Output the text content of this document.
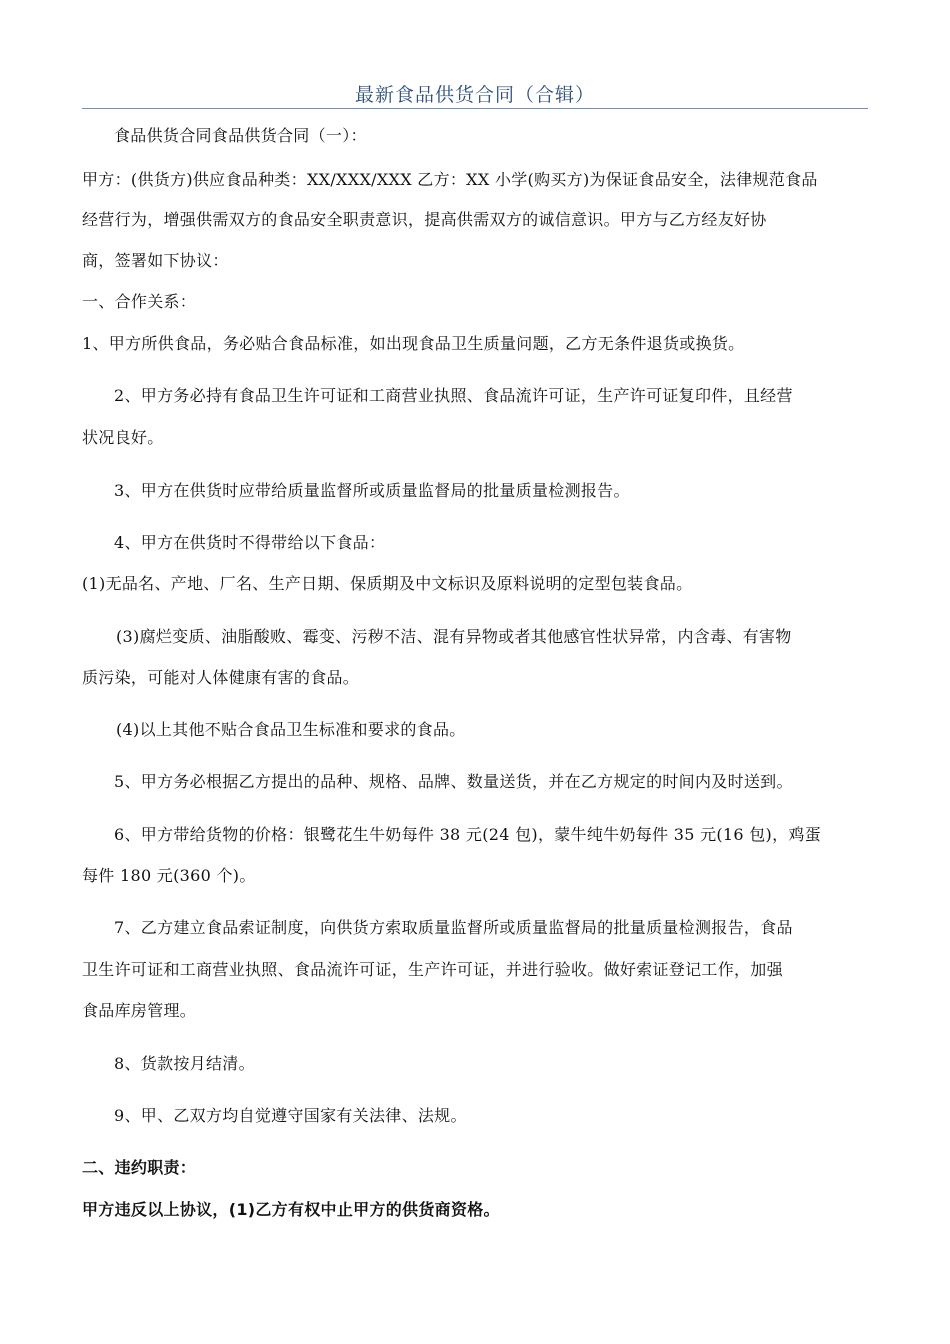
最新食品供货合同（合辑）
食品供货合同食品供货合同（一）：
甲方：(供货方)供应食品种类：XX/XXX/XXX 乙方：XX 小学(购买方)为保证食品安全，法律规范食品
经营行为，增强供需双方的食品安全职责意识，提高供需双方的诚信意识。甲方与乙方经友好协
商，签署如下协议：
一、合作关系：
1、甲方所供食品，务必贴合食品标准，如出现食品卫生质量问题，乙方无条件退货或换货。
2、甲方务必持有食品卫生许可证和工商营业执照、食品流许可证，生产许可证复印件，且经营
状况良好。
3、甲方在供货时应带给质量监督所或质量监督局的批量质量检测报告。
4、甲方在供货时不得带给以下食品：
(1)无品名、产地、厂名、生产日期、保质期及中文标识及原料说明的定型包装食品。
(3)腐烂变质、油脂酸败、霉变、污秽不洁、混有异物或者其他感官性状异常，内含毒、有害物
质污染，可能对人体健康有害的食品。
(4)以上其他不贴合食品卫生标准和要求的食品。
5、甲方务必根据乙方提出的品种、规格、品牌、数量送货，并在乙方规定的时间内及时送到。
6、甲方带给货物的价格：银鹭花生牛奶每件 38 元(24 包)，蒙牛纯牛奶每件 35 元(16 包)，鸡蛋
每件 180 元(360 个)。
7、乙方建立食品索证制度，向供货方索取质量监督所或质量监督局的批量质量检测报告，食品
卫生许可证和工商营业执照、食品流许可证，生产许可证，并进行验收。做好索证登记工作，加强
食品库房管理。
8、货款按月结清。
9、甲、乙双方均自觉遵守国家有关法律、法规。
二、违约职责：
甲方违反以上协议，(1)乙方有权中止甲方的供货商资格。
